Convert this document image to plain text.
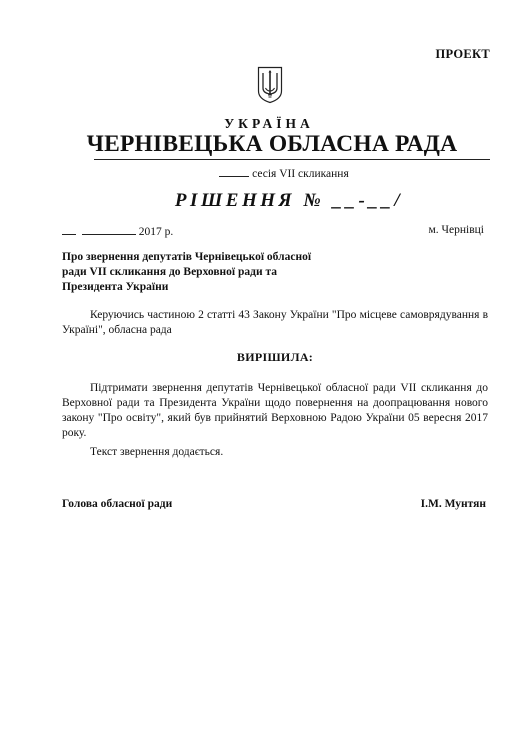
ПРОЕКТ
УКРАЇНА
ЧЕРНІВЕЦЬКА ОБЛАСНА РАДА
сесія VII скликання
РІШЕННЯ № __-__/
2017 р.	м. Чернівці
Про звернення депутатів Чернівецької обласної ради VII скликання до Верховної ради та Президента України
Керуючись частиною 2 статті 43 Закону України "Про місцеве самоврядування в Україні", обласна рада
ВИРІШИЛА:
Підтримати звернення депутатів Чернівецької обласної ради VII скликання до Верховної ради та Президента України щодо повернення на доопрацювання нового закону "Про освіту", який був прийнятий Верховною Радою України 05 вересня 2017 року.
Текст звернення додається.
Голова обласної ради	І.М. Мунтян
